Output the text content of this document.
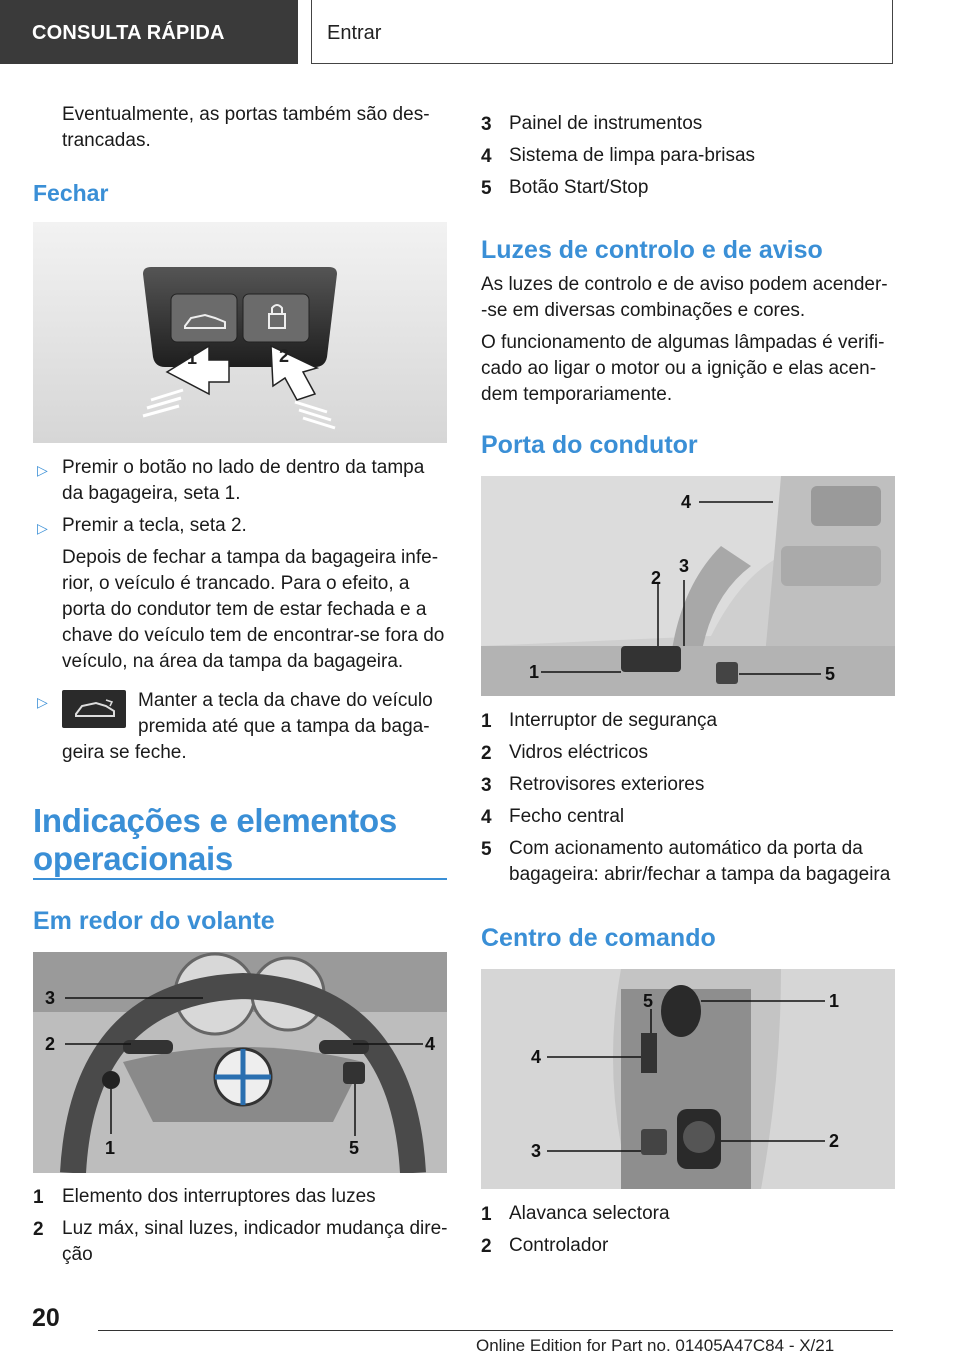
CONSULTA RÁPIDA	Entrar

Eventualmente, as portas também são des-

trancadas.

Fechar

1	2
▷ Premir o botão no lado de dentro da tampa
da bagageira, seta 1.
▷ Premir a tecla, seta 2.
Depois de fechar a tampa da bagageira infe-
rior, o veículo é trancado. Para o efeito, a
porta do condutor tem de estar fechada e a
chave do veículo tem de encontrar-se fora do
veículo, na área da tampa da bagageira.
▷	Manter a tecla da chave do veículo
premida até que a tampa da baga-
geira se feche.

Indicações e elementos

operacionais

Em redor do volante

3
2	4
1	5
1 Elemento dos interruptores das luzes
2 Luz máx, sinal luzes, indicador mudança dire-
ção
3 Painel de instrumentos
4 Sistema de limpa para-brisas
5 Botão Start/Stop

Luzes de controlo e de aviso

As luzes de controlo e de aviso podem acender-
-se em diversas combinações e cores.
O funcionamento de algumas lâmpadas é verifi-
cado ao ligar o motor ou a ignição e elas acen-
dem temporariamente.

Porta do condutor

1
2
3
4
5
1 Interruptor de segurança
2 Vidros eléctricos
3 Retrovisores exteriores
4 Fecho central
5 Com acionamento automático da porta da
bagageira: abrir/fechar a tampa da bagageira

Centro de comando

1
2
3
4
5
1 Alavanca selectora
2 Controlador
20
Online Edition for Part no. 01405A47C84 - X/21
